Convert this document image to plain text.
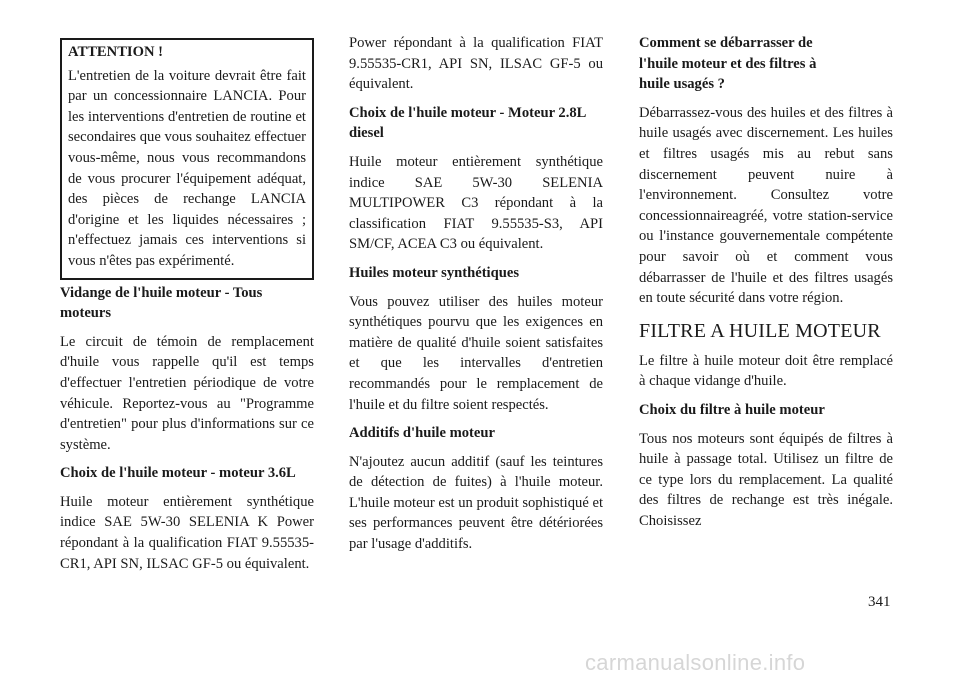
ATTENTION !

L'entretien de la voiture devrait être fait par un concessionnaire LANCIA. Pour les interventions d'entretien de routine et secondaires que vous souhaitez effectuer vous-même, nous vous recommandons de vous procurer l'équipement adéquat, des pièces de rechange LANCIA d'origine et les liquides nécessaires ; n'effectuez jamais ces interventions si vous n'êtes pas expérimenté.

Vidange de l'huile moteur - Tous moteurs

Le circuit de témoin de remplacement d'huile vous rappelle qu'il est temps d'effectuer l'entretien périodique de votre véhicule. Reportez-vous au "Programme d'entretien" pour plus d'informations sur ce système.

Choix de l'huile moteur - moteur 3.6L

Huile moteur entièrement synthétique indice SAE 5W-30 SELENIA K Power répondant à la qualification FIAT 9.55535-CR1, API SN, ILSAC GF-5 ou équivalent.

Power répondant à la qualification FIAT 9.55535-CR1, API SN, ILSAC GF-5 ou équivalent.

Choix de l'huile moteur - Moteur 2.8L diesel

Huile moteur entièrement synthétique indice SAE 5W-30 SELENIA MULTIPOWER C3 répondant à la classification FIAT 9.55535-S3, API SM/CF, ACEA C3 ou équivalent.

Huiles moteur synthétiques

Vous pouvez utiliser des huiles moteur synthétiques pourvu que les exigences en matière de qualité d'huile soient satisfaites et que les intervalles d'entretien recommandés pour le remplacement de l'huile et du filtre soient respectés.

Additifs d'huile moteur

N'ajoutez aucun additif (sauf les teintures de détection de fuites) à l'huile moteur. L'huile moteur est un produit sophistiqué et ses performances peuvent être détériorées par l'usage d'additifs.

Comment se débarrasser de l'huile moteur et des filtres à huile usagés ?

Débarrassez-vous des huiles et des filtres à huile usagés avec discernement. Les huiles et filtres usagés mis au rebut sans discernement peuvent nuire à l'environnement. Consultez votre concessionnaireagréé, votre station-service ou l'instance gouvernementale compétente pour savoir où et comment vous débarrasser de l'huile et des filtres usagés en toute sécurité dans votre région.

FILTRE A HUILE MOTEUR

Le filtre à huile moteur doit être remplacé à chaque vidange d'huile.

Choix du filtre à huile moteur

Tous nos moteurs sont équipés de filtres à huile à passage total. Utilisez un filtre de ce type lors du remplacement. La qualité des filtres de rechange est très inégale. Choisissez

341
carmanualsonline.info
